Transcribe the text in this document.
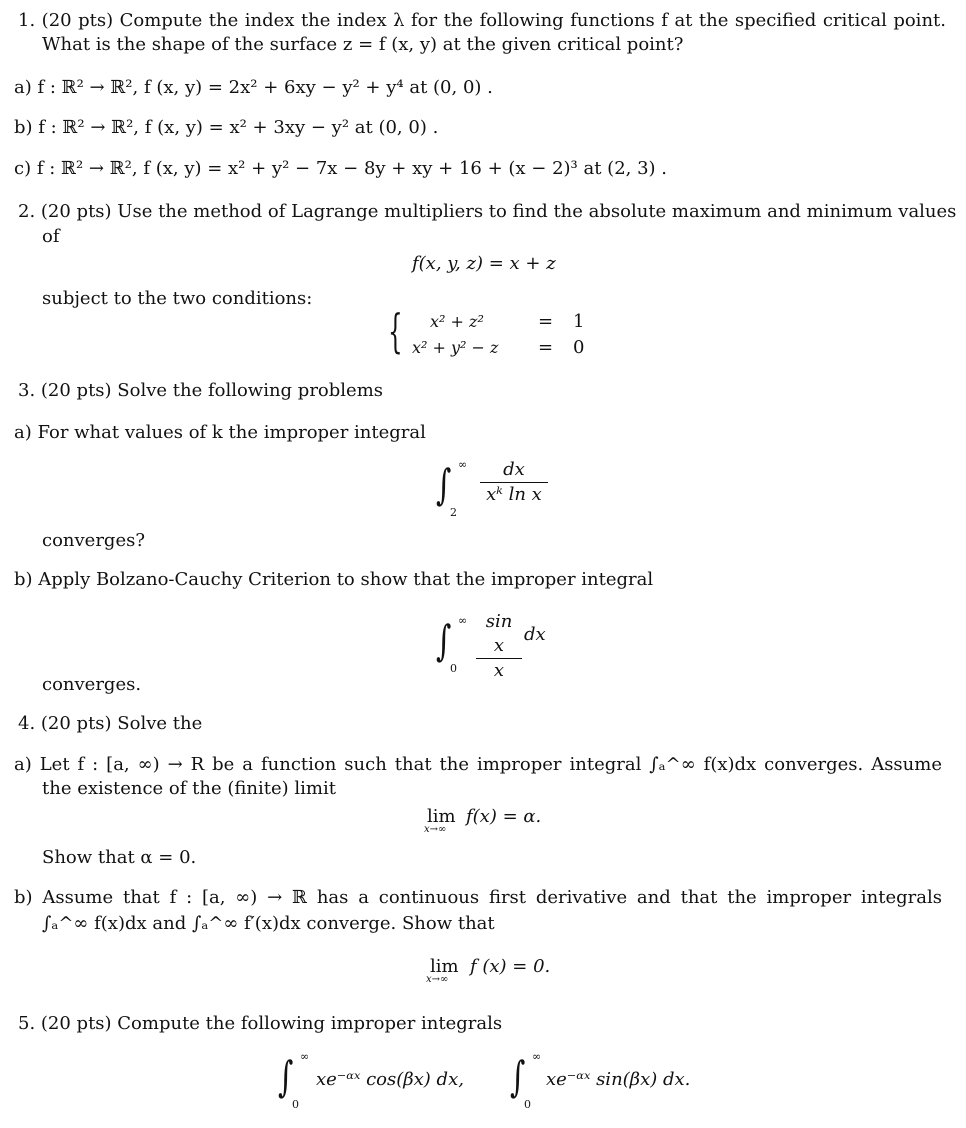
1. (20 pts) Compute the index the index λ for the following functions f at the specified critical point.
What is the shape of the surface z = f (x, y) at the given critical point?
a) f : ℝ² → ℝ², f (x, y) = 2x² + 6xy − y² + y⁴ at (0, 0) .
b) f : ℝ² → ℝ², f (x, y) = x² + 3xy − y² at (0, 0) .
c) f : ℝ² → ℝ², f (x, y) = x² + y² − 7x − 8y + xy + 16 + (x − 2)³ at (2, 3) .
2. (20 pts) Use the method of Lagrange multipliers to find the absolute maximum and minimum values
of
f(x, y, z) = x + z
subject to the two conditions:
{ x² + z²	= 1
x² + y² − z = 0
3. (20 pts) Solve the following problems
a) For what values of k the improper integral
∫ ∞
2
dx
xᵏ ln x
converges?
b) Apply Bolzano-Cauchy Criterion to show that the improper integral
∫ ∞
0
sin x
x
dx
converges.
4. (20 pts) Solve the
a) Let f : [a, ∞) → R be a function such that the improper integral ∫ₐ^∞ f(x)dx converges. Assume
the existence of the (finite) limit
lim
x→∞
f(x) = α.
Show that α = 0.
b) Assume that f : [a, ∞) → ℝ has a continuous first derivative and that the improper integrals
∫ₐ^∞ f(x)dx and ∫ₐ^∞ f′(x)dx converge. Show that
lim
x→∞
f (x) = 0.
5. (20 pts) Compute the following improper integrals
∫ ∞
0
xe⁻ᵅˣ cos(βx) dx, ∫ ∞
0
xe⁻ᵅˣ sin(βx) dx.
